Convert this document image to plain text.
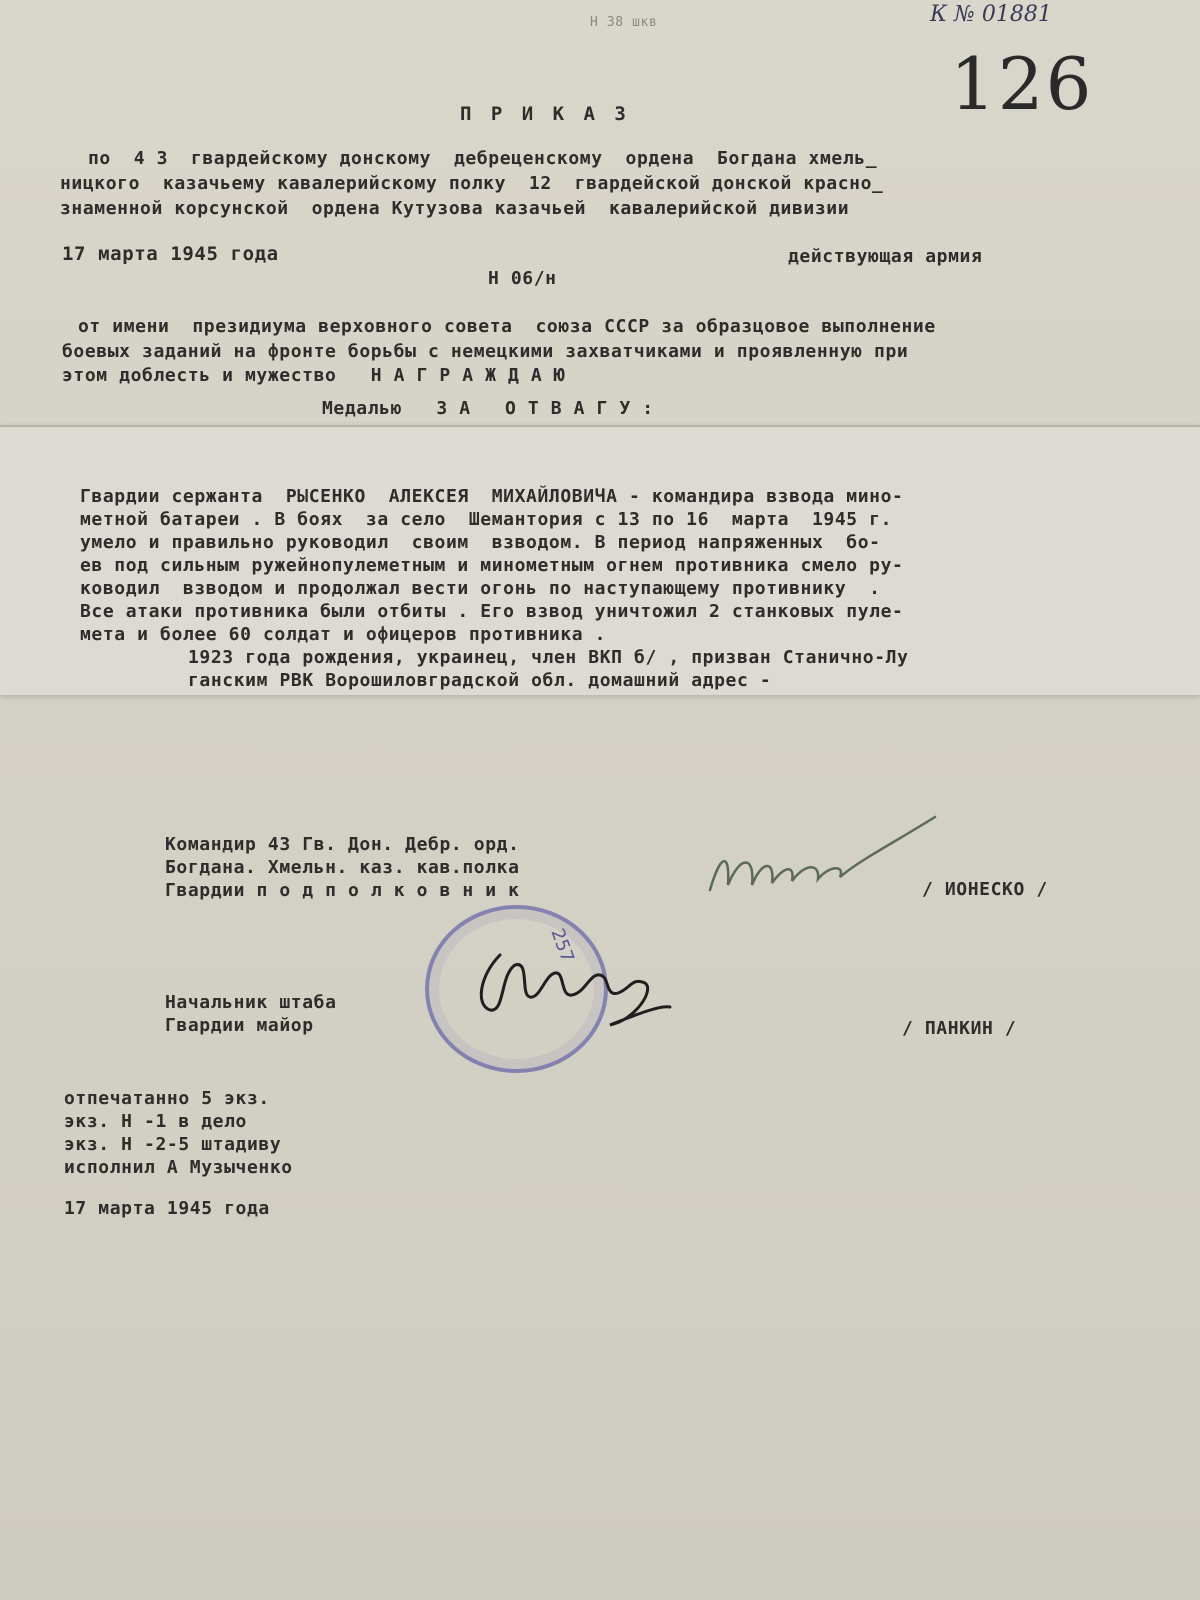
К № 01881
Н 38 шкв
126
П Р И К А З
по  4 3  гвардейскому донскому  дебреценскому  ордена  Богдана хмель_
ницкого  казачьему кавалерийскому полку  12  гвардейской донской красно_
знаменной корсунской  ордена Кутузова казачьей  кавалерийской дивизии
17 марта 1945 года	действующая армия
Н 06/н
от имени  президиума верховного совета  союза СССР за образцовое выполнение
боевых заданий на фронте борьбы с немецкими захватчиками и проявленную при
этом доблесть и мужество   Н А Г Р А Ж Д А Ю
Медалью   З А   О Т В А Г У :
Гвардии сержанта  РЫСЕНКО  АЛЕКСЕЯ  МИХАЙЛОВИЧА - командира взвода мино-
метной батареи . В боях  за село  Шемантория с 13 по 16  марта  1945 г.
умело и правильно руководил  своим  взводом. В период напряженных  бо-
ев под сильным ружейнопулеметным и минометным огнем противника смело ру-
ководил  взводом и продолжал вести огонь по наступающему противнику  .
Все атаки противника были отбиты . Его взвод уничтожил 2 станковых пуле-
мета и более 60 солдат и офицеров противника .
1923 года рождения, украинец, член ВКП б/ , призван Станично-Лу
ганским РВК Ворошиловградской обл. домашний адрес -
Командир 43 Гв. Дон. Дебр. орд.
Богдана. Хмельн. каз. кав.полка
Гвардии п о д п о л к о в н и к	/ ИОНЕСКО /
257
Начальник штаба
Гвардии майор	/ ПАНКИН /
отпечатанно 5 экз.
экз. Н -1 в дело
экз. Н -2-5 штадиву
исполнил А Музыченко
17 марта 1945 года
